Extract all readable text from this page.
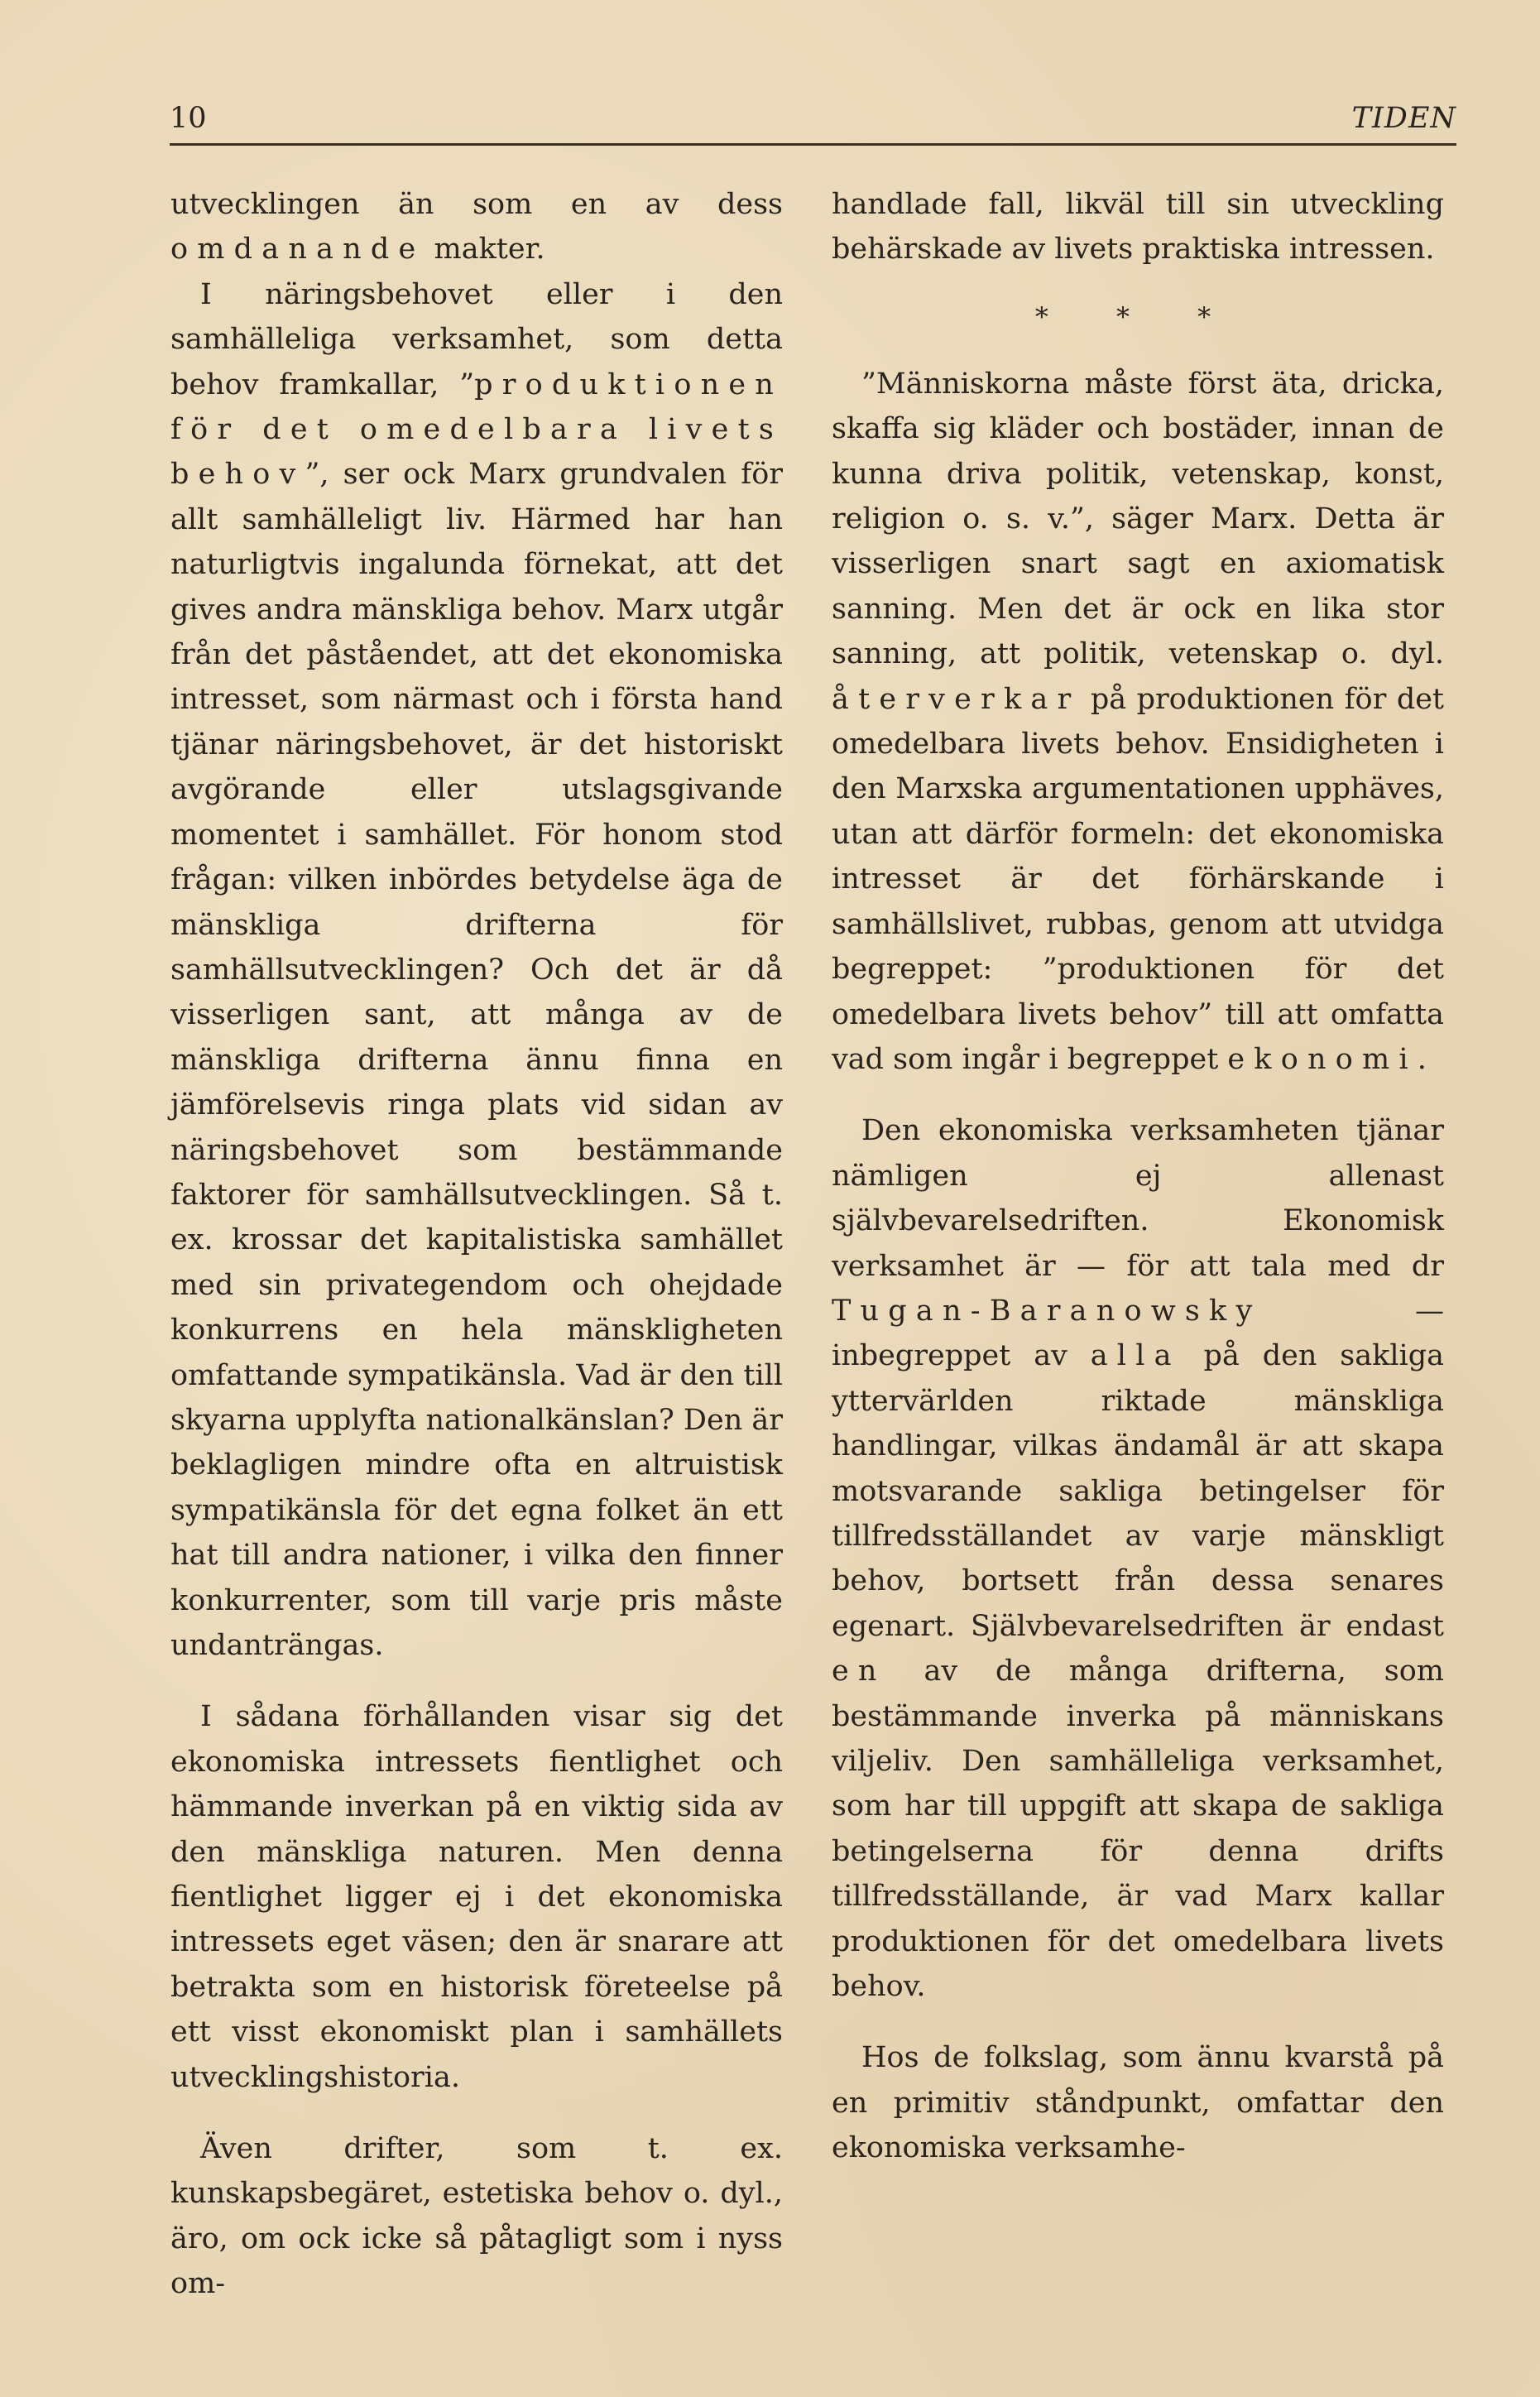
10	TIDEN

utvecklingen än som en av dess omdanande makter.

I näringsbehovet eller i den samhälleliga verksamhet, som detta behov framkallar, ”produktionen för det omedelbara livets behov”, ser ock Marx grundvalen för allt samhälleligt liv. Härmed har han naturligtvis ingalunda förnekat, att det gives andra mänskliga behov. Marx utgår från det påståendet, att det ekonomiska intresset, som närmast och i första hand tjänar näringsbehovet, är det historiskt avgörande eller utslagsgivande momentet i samhället. För honom stod frågan: vilken inbördes betydelse äga de mänskliga drifterna för samhällsutvecklingen? Och det är då visserligen sant, att många av de mänskliga drifterna ännu finna en jämförelsevis ringa plats vid sidan av näringsbehovet som bestämmande faktorer för samhällsutvecklingen. Så t. ex. krossar det kapitalistiska samhället med sin privategendom och ohejdade konkurrens en hela mänskligheten omfattande sympatikänsla. Vad är den till skyarna upplyfta nationalkänslan? Den är beklagligen mindre ofta en altruistisk sympatikänsla för det egna folket än ett hat till andra nationer, i vilka den finner konkurrenter, som till varje pris måste undanträngas.

I sådana förhållanden visar sig det ekonomiska intressets fientlighet och hämmande inverkan på en viktig sida av den mänskliga naturen. Men denna fientlighet ligger ej i det ekonomiska intressets eget väsen; den är snarare att betrakta som en historisk företeelse på ett visst ekonomiskt plan i samhällets utvecklingshistoria.

Även drifter, som t. ex. kunskapsbegäret, estetiska behov o. dyl., äro, om ock icke så påtagligt som i nyss om-

handlade fall, likväl till sin utveckling behärskade av livets praktiska intressen.

* * *

”Människorna måste först äta, dricka, skaffa sig kläder och bostäder, innan de kunna driva politik, vetenskap, konst, religion o. s. v.”, säger Marx. Detta är visserligen snart sagt en axiomatisk sanning. Men det är ock en lika stor sanning, att politik, vetenskap o. dyl. återverkar på produktionen för det omedelbara livets behov. Ensidigheten i den Marxska argumentationen upphäves, utan att därför formeln: det ekonomiska intresset är det förhärskande i samhällslivet, rubbas, genom att utvidga begreppet: ”produktionen för det omedelbara livets behov” till att omfatta vad som ingår i begreppet ekonomi.

Den ekonomiska verksamheten tjänar nämligen ej allenast självbevarelsedriften. Ekonomisk verksamhet är — för att tala med dr Tugan-Baranowsky — inbegreppet av alla på den sakliga yttervärlden riktade mänskliga handlingar, vilkas ändamål är att skapa motsvarande sakliga betingelser för tillfredsställandet av varje mänskligt behov, bortsett från dessa senares egenart. Självbevarelsedriften är endast en av de många drifterna, som bestämmande inverka på människans viljeliv. Den samhälleliga verksamhet, som har till uppgift att skapa de sakliga betingelserna för denna drifts tillfredsställande, är vad Marx kallar produktionen för det omedelbara livets behov.

Hos de folkslag, som ännu kvarstå på en primitiv ståndpunkt, omfattar den ekonomiska verksamhe-
